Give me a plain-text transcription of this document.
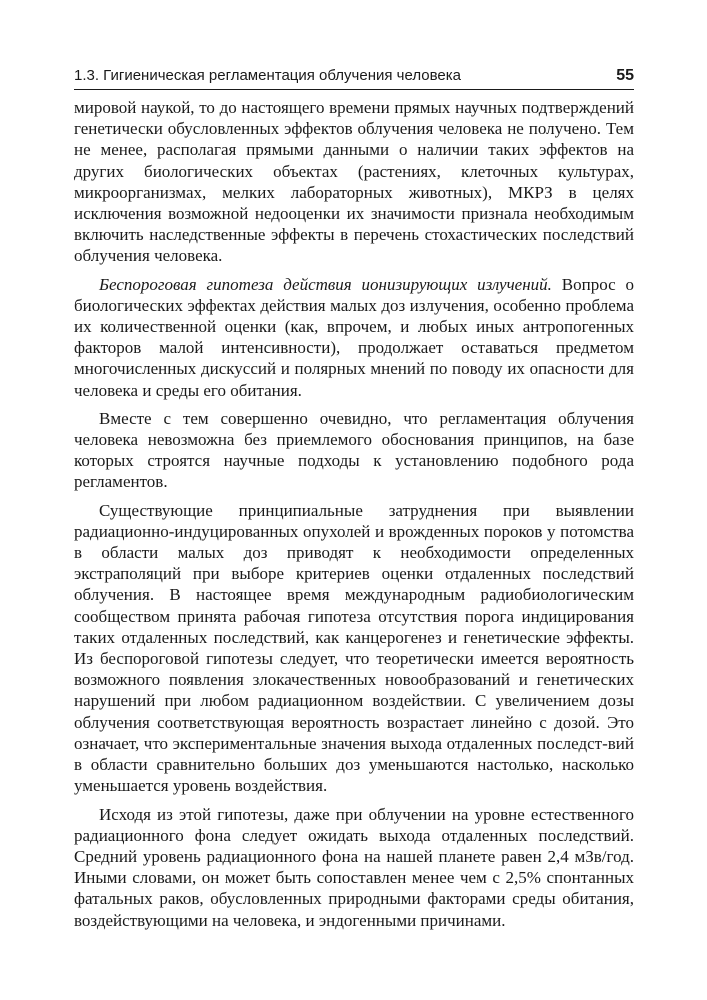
1.3. Гигиеническая регламентация облучения человека	55

мировой наукой, то до настоящего времени прямых научных подтверждений генетически обусловленных эффектов облучения человека не получено. Тем не менее, располагая прямыми данными о наличии таких эффектов на других биологических объектах (растениях, клеточных культурах, микроорганизмах, мелких лабораторных животных), МКРЗ в целях исключения возможной недооценки их значимости признала необходимым включить наследственные эффекты в перечень стохастических последствий облучения человека.

Беспороговая гипотеза действия ионизирующих излучений. Вопрос о биологических эффектах действия малых доз излучения, особенно проблема их количественной оценки (как, впрочем, и любых иных антропогенных факторов малой интенсивности), продолжает оставаться предметом многочисленных дискуссий и полярных мнений по поводу их опасности для человека и среды его обитания.

Вместе с тем совершенно очевидно, что регламентация облучения человека невозможна без приемлемого обоснования принципов, на базе которых строятся научные подходы к установлению подобного рода регламентов.

Существующие принципиальные затруднения при выявлении радиационно-индуцированных опухолей и врожденных пороков у потомства в области малых доз приводят к необходимости определенных экстраполяций при выборе критериев оценки отдаленных последствий облучения. В настоящее время международным радиобиологическим сообществом принята рабочая гипотеза отсутствия порога индицирования таких отдаленных последствий, как канцерогенез и генетические эффекты. Из беспороговой гипотезы следует, что теоретически имеется вероятность возможного появления злокачественных новообразований и генетических нарушений при любом радиационном воздействии. С увеличением дозы облучения соответствующая вероятность возрастает линейно с дозой. Это означает, что экспериментальные значения выхода отдаленных последст-вий в области сравнительно больших доз уменьшаются настолько, насколько уменьшается уровень воздействия.

Исходя из этой гипотезы, даже при облучении на уровне естественного радиационного фона следует ожидать выхода отдаленных последствий. Средний уровень радиационного фона на нашей планете равен 2,4 мЗв/год. Иными словами, он может быть сопоставлен менее чем с 2,5% спонтанных фатальных раков, обусловленных природными факторами среды обитания, воздействующими на человека, и эндогенными причинами.
